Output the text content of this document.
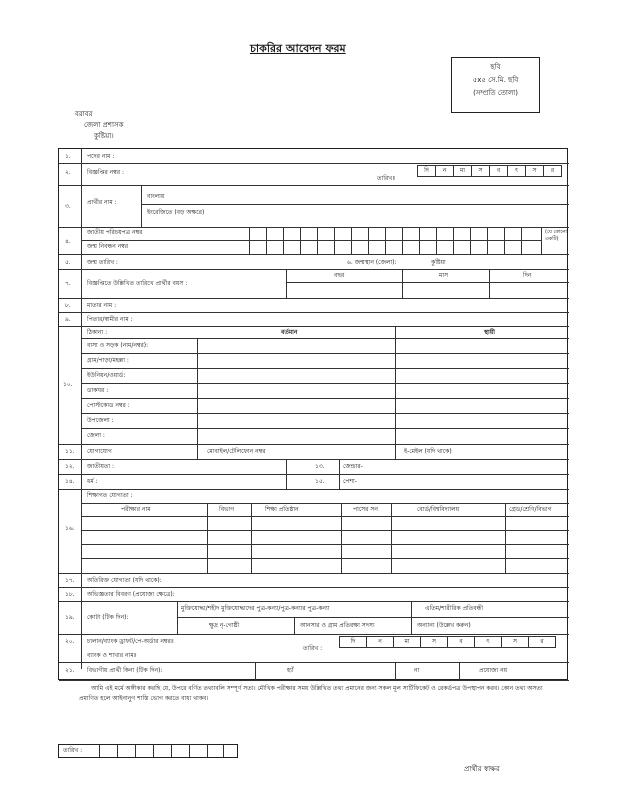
চাকরির আবেদন ফরম
ছবি
৫x৫ সে.মি. ছবি
(সম্প্রতি তোলা)
বরাবর
জেলা প্রশাসক
কুষ্টিয়া।
১.	পদের নাম :
২.	বিজ্ঞপ্তির নম্বর :
তারিখঃ
দি	ন	মা	স	ব	ৎ	স	র
৩.
প্রার্থীর নাম :
বাংলায়
ইংরেজিতে (বড় অক্ষরে)
৪.
জাতীয় পরিচয়পত্র নম্বর
জন্ম নিবন্ধন নম্বর
(যে কোনো একটি)
৫.	জন্ম তারিখ :	৬. জন্মস্থান (জেলা):	কুষ্টিয়া
৭.	বিজ্ঞপ্তিতে উল্লিখিত তারিখে প্রার্থীর বয়স :
বছর	মাস	দিন
৮.	মাতার নাম :
৯.	পিতার/স্বামীর নাম :
১০.
ঠিকানা :	বর্তমান	স্থায়ী
বাসা ও সড়ক (নাম/নম্বর):
গ্রাম/পাড়া/মহল্লা :
ইউনিয়ন/ওয়ার্ড:
ডাকঘর :
পোস্টকোড নম্বর :
উপজেলা :
জেলা :
১১. যোগাযোগ	মোবাইল/টেলিফোন নম্বর	ই-মেইল (যদি থাকে)
১২. জাতীয়তা :	১৩.	জেন্ডার-
১৪. ধর্ম :	১৫.	পেশা-
১৬.
শিক্ষাগত যোগ্যতা :
পরীক্ষার নাম	বিভাগ	শিক্ষা প্রতিষ্ঠান	পাসের সন	বোর্ড/বিশ্ববিদ্যালয়	গ্রেড/শ্রেণি/বিভাগ
১৭. অতিরিক্ত যোগ্যতা (যদি থাকে):
১৮. অভিজ্ঞতার বিবরণ (প্রযোজ্য ক্ষেত্রে):
১৯. কোটা (টিক দিন):
মুক্তিযোদ্ধা/শহীদ মুক্তিযোদ্ধাদের পুত্র-কন্যা/পুত্র-কন্যার পুত্র-কন্যা	এতিম/শারীরিক প্রতিবন্ধী
ক্ষুদ্র নৃ-গোষ্ঠী	আনসার ও গ্রাম প্রতিরক্ষা সদস্য	অন্যান্য (উল্লেখ করুন)
২০. চালান/ব্যাংক ড্রাফট/পে-অর্ডার নম্বরঃ
তারিখ :
দি	ন	মা	স	ব	ৎ	স	র
ব্যাংক ও শাখার নামঃ
২১. বিভাগীয় প্রার্থী কিনা (টিক দিন):	হ্যাঁ	না	প্রযোজ্য নয়
আমি এই মর্মে অঙ্গীকার করছি যে, উপরে বর্ণিত তথ্যাবলি সম্পূর্ণ সত্য। মৌখিক পরীক্ষার সময় উল্লিখিত তথ্য প্রমানের জন্য সকল মূল সার্টিফিকেট ও রেকর্ডপত্র উপস্থাপন করব। কোন তথ্য অসত্য প্রমাণিত হলে আইনানুগ শাস্তি ভোগ করতে বাধ্য থাকব।
তারিখ :
প্রার্থীর স্বাক্ষর
